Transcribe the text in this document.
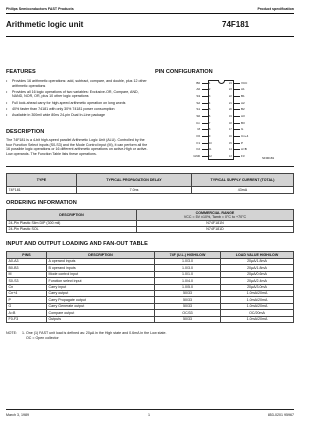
Philips Semiconductors FAST Products	Product specification
Arithmetic logic unit	74F181
FEATURES
• Provides 16 arithmetic operations: add, subtract, compare, and double, plus 12 other arithmetic operations
• Provides all 16 logic operations of two variables: Exclusive-OR, Compare, AND, NAND, NOR, OR, plus 10 other logic operations
• Full look-ahead carry for high-speed arithmetic operation on long words
• 40% faster than 74181 with only 30% 74181 power consumption
• Available in 300mil wide 80ns 24-pin Dual In-Line package
DESCRIPTION
The 74F181 is a 4-bit high-speed parallel Arithmetic Logic Unit (ALU). Controlled by the four Function Select inputs (S0-S3) and the Mode Control input (M), it can perform all the 16 possible logic operations or 16 different arithmetic operations on active-High or active-Low operands. The Function Table lists these operations.
PIN CONFIGURATION
B0	1
A0	2
S3	3
S2	4
S1	5
S0	6
Cn	7
M	8
F0	9
F1	10
F2	11
GND	12
24	VCC
23	A1
22	B1
21	A2
20	B2
19	A3
18	B3
17	G
16	Cn+4
15	P
14	A=B
13	F3
SF00181
TYPE	TYPICAL PROPAGATION DELAY	TYPICAL SUPPLY CURRENT (TOTAL)
74F181	7.0ns	43mA
ORDERING INFORMATION
DESCRIPTION	COMMERCIAL RANGE
VCC = 5V ±10%, Tamb = 0°C to +70°C

24-Pin Plastic Slim DIP (300 mil)	N74F181N
24-Pin Plastic SOL	N74F181D
INPUT AND OUTPUT LOADING AND FAN-OUT TABLE
PINS	DESCRIPTION	74F (U.L.) HIGH/LOW	LOAD VALUE HIGH/LOW
A0-A3	A operand inputs	1.0/3.0	20µA/1.8mA
B0-B3	B operand inputs	1.0/3.0	20µA/1.8mA
M	Mode control input	1.0/1.0	20µA/0.6mA
S0-S3	Function select input	1.0/4.0	20µA/2.4mA
Cn	Carry input	1.0/5.0	20µA/3.0mA
Cn+4	Carry output	50/33	1.0mA/20mA
P	Carry Propagate output	50/33	1.0mA/20mA
G	Carry Generate output	50/33	1.0mA/20mA
A=B	Compare output	OC/33	OC/20mA
F0-F3	Outputs	50/33	1.0mA/20mA
NOTE: 1. One (1) FAST unit load is defined as: 20µA in the High state and 0.6mA in the Low state.
OC = Open collector
March 3, 1989	1	853-0201 95967
